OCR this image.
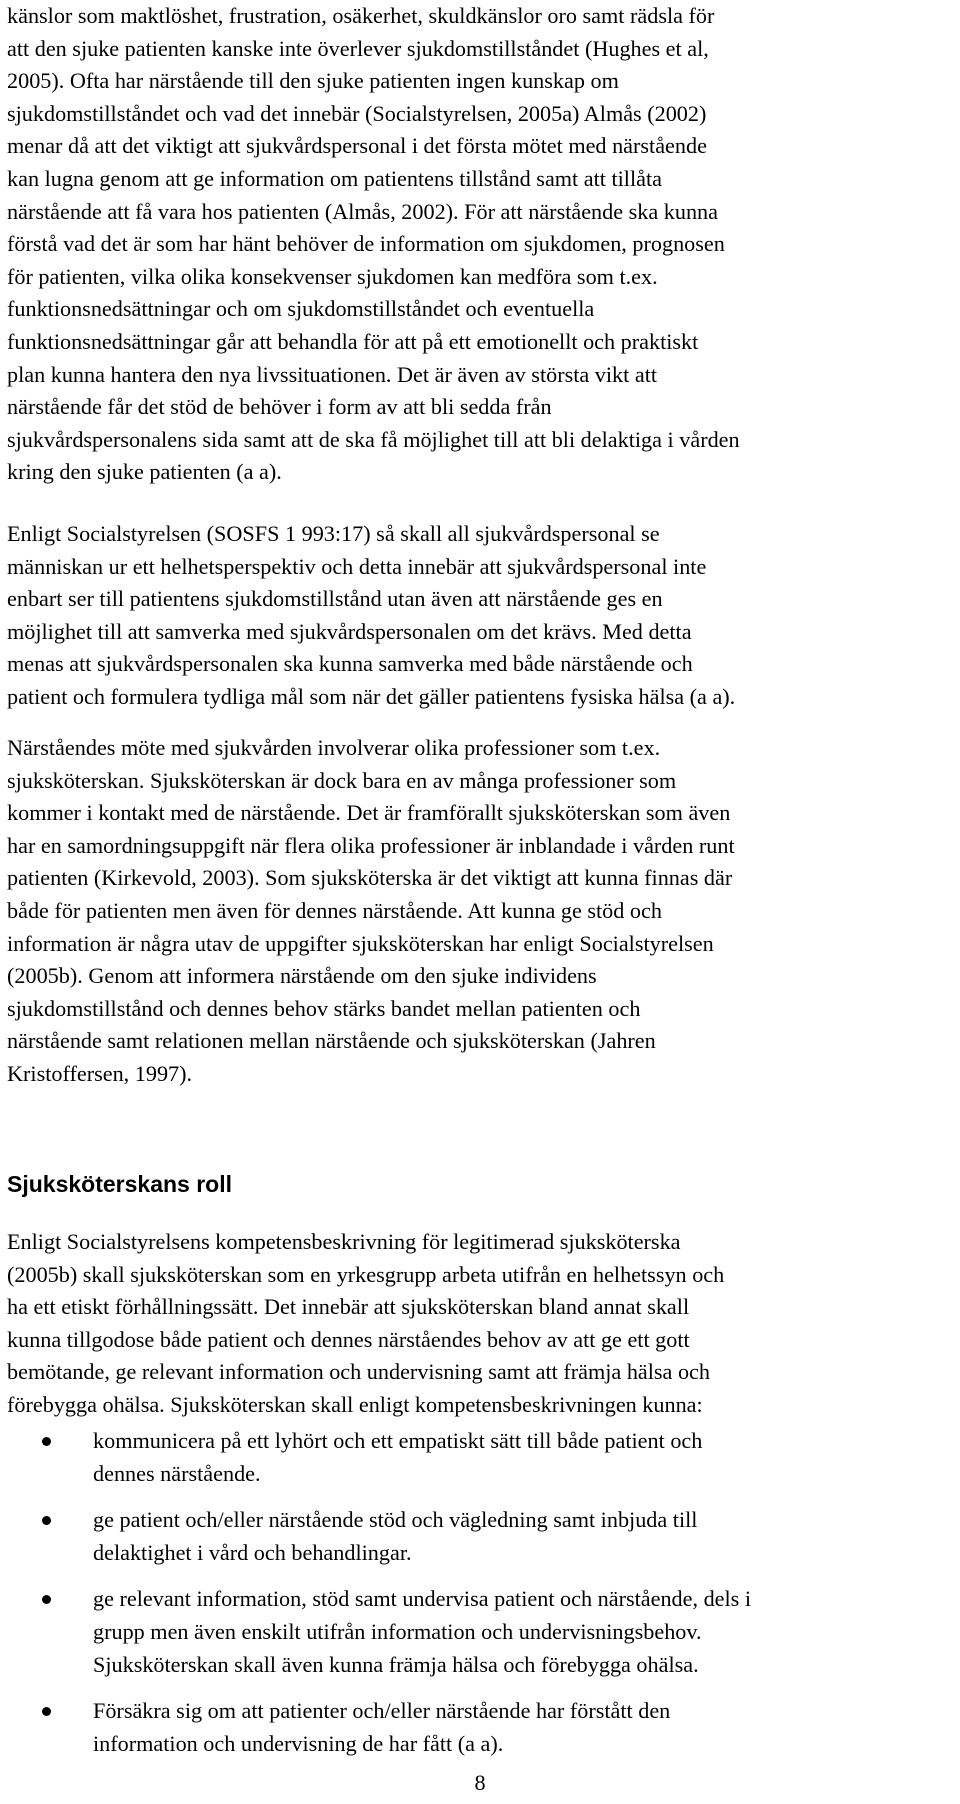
känslor som maktlöshet, frustration, osäkerhet, skuldkänslor oro samt rädsla för
att den sjuke patienten kanske inte överlever sjukdomstillståndet (Hughes et al,
2005). Ofta har närstående till den sjuke patienten ingen kunskap om
sjukdomstillståndet och vad det innebär (Socialstyrelsen, 2005a) Almås (2002)
menar då att det viktigt att sjukvårdspersonal i det första mötet med närstående
kan lugna genom att ge information om patientens tillstånd samt att tillåta
närstående att få vara hos patienten (Almås, 2002). För att närstående ska kunna
förstå vad det är som har hänt behöver de information om sjukdomen, prognosen
för patienten, vilka olika konsekvenser sjukdomen kan medföra som t.ex.
funktionsnedsättningar och om sjukdomstillståndet och eventuella
funktionsnedsättningar går att behandla för att på ett emotionellt och praktiskt
plan kunna hantera den nya livssituationen. Det är även av största vikt att
närstående får det stöd de behöver i form av att bli sedda från
sjukvårdspersonalens sida samt att de ska få möjlighet till att bli delaktiga i vården
kring den sjuke patienten (a a).
Enligt Socialstyrelsen (SOSFS 1 993:17) så skall all sjukvårdspersonal se
människan ur ett helhetsperspektiv och detta innebär att sjukvårdspersonal inte
enbart ser till patientens sjukdomstillstånd utan även att närstående ges en
möjlighet till att samverka med sjukvårdspersonalen om det krävs. Med detta
menas att sjukvårdspersonalen ska kunna samverka med både närstående och
patient och formulera tydliga mål som när det gäller patientens fysiska hälsa (a a).
Närståendes möte med sjukvården involverar olika professioner som t.ex.
sjuksköterskan. Sjuksköterskan är dock bara en av många professioner som
kommer i kontakt med de närstående. Det är framförallt sjuksköterskan som även
har en samordningsuppgift när flera olika professioner är inblandade i vården runt
patienten (Kirkevold, 2003). Som sjuksköterska är det viktigt att kunna finnas där
både för patienten men även för dennes närstående. Att kunna ge stöd och
information är några utav de uppgifter sjuksköterskan har enligt Socialstyrelsen
(2005b). Genom att informera närstående om den sjuke individens
sjukdomstillstånd och dennes behov stärks bandet mellan patienten och
närstående samt relationen mellan närstående och sjuksköterskan (Jahren
Kristoffersen, 1997).
Sjuksköterskans roll
Enligt Socialstyrelsens kompetensbeskrivning för legitimerad sjuksköterska
(2005b) skall sjuksköterskan som en yrkesgrupp arbeta utifrån en helhetssyn och
ha ett etiskt förhållningssätt. Det innebär att sjuksköterskan bland annat skall
kunna tillgodose både patient och dennes närståendes behov av att ge ett gott
bemötande, ge relevant information och undervisning samt att främja hälsa och
förebygga ohälsa. Sjuksköterskan skall enligt kompetensbeskrivningen kunna:
kommunicera på ett lyhört och ett empatiskt sätt till både patient och
dennes närstående.
ge patient och/eller närstående stöd och vägledning samt inbjuda till
delaktighet i vård och behandlingar.
ge relevant information, stöd samt undervisa patient och närstående, dels i
grupp men även enskilt utifrån information och undervisningsbehov.
Sjuksköterskan skall även kunna främja hälsa och förebygga ohälsa.
Försäkra sig om att patienter och/eller närstående har förstått den
information och undervisning de har fått (a a).
8
